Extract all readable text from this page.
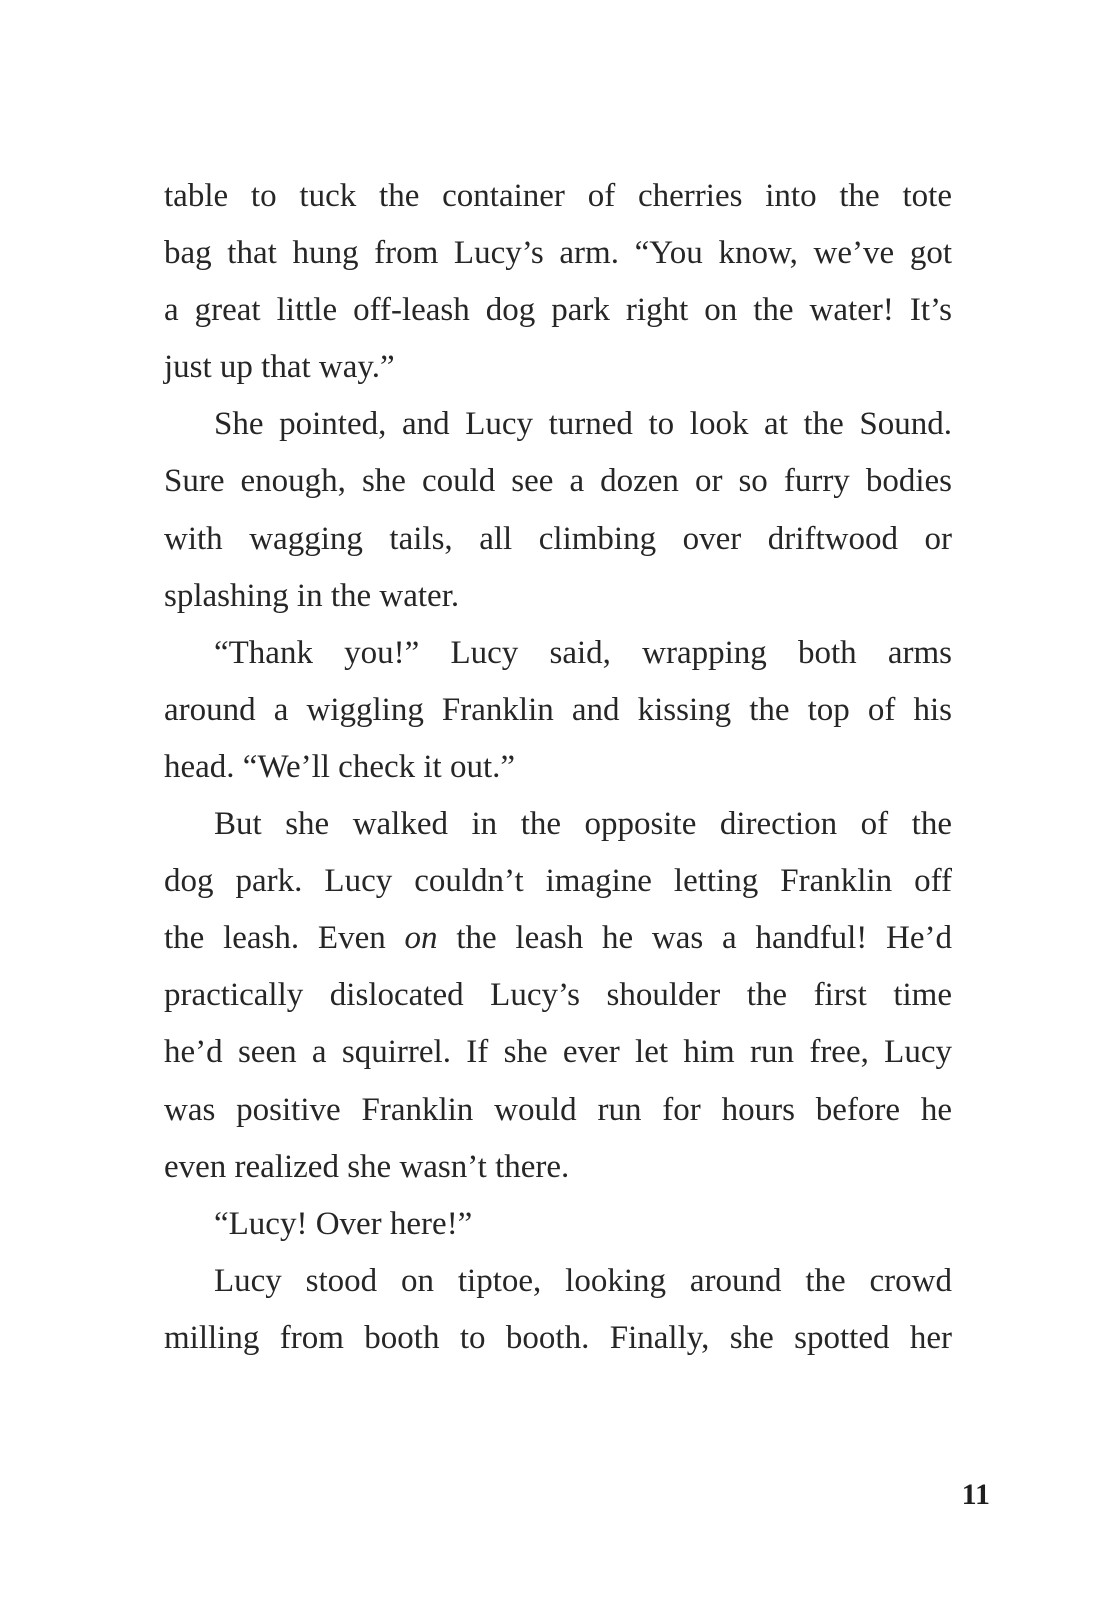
table to tuck the container of cherries into the tote
bag that hung from Lucy’s arm. “You know, we’ve got
a great little off-leash dog park right on the water! It’s
just up that way.”
She pointed, and Lucy turned to look at the Sound.
Sure enough, she could see a dozen or so furry bodies
with wagging tails, all climbing over driftwood or
splashing in the water.
“Thank you!” Lucy said, wrapping both arms
around a wiggling Franklin and kissing the top of his
head. “We’ll check it out.”
But she walked in the opposite direction of the
dog park. Lucy couldn’t imagine letting Franklin off
the leash. Even on the leash he was a handful! He’d
practically dislocated Lucy’s shoulder the first time
he’d seen a squirrel. If she ever let him run free, Lucy
was positive Franklin would run for hours before he
even realized she wasn’t there.
“Lucy! Over here!”
Lucy stood on tiptoe, looking around the crowd
milling from booth to booth. Finally, she spotted her
11
